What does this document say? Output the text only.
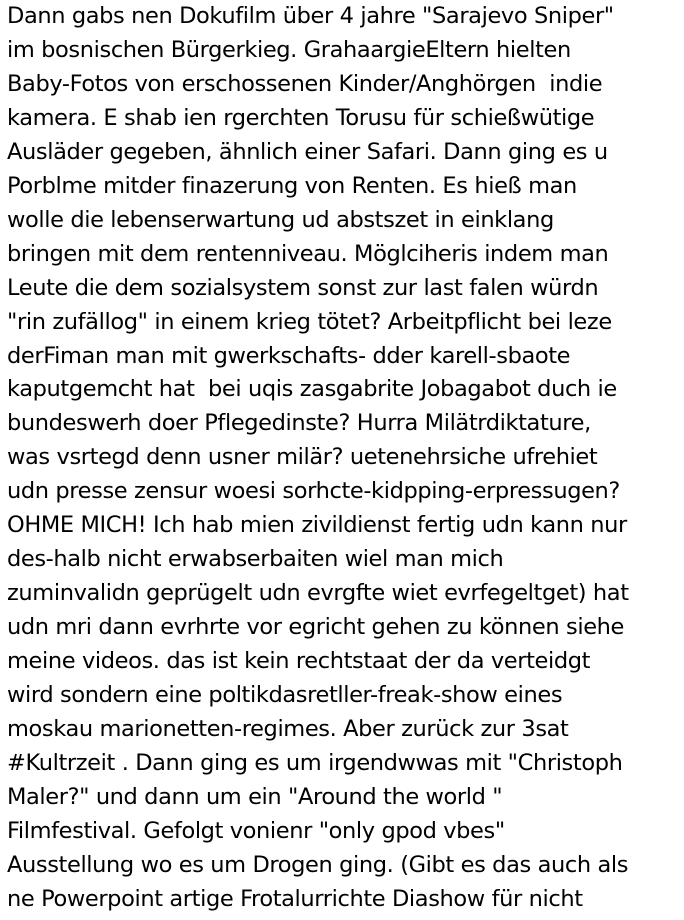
Dann gabs nen Dokufilm über 4 jahre "Sarajevo Sniper"
im bosnischen Bürgerkieg. GrahaargieEltern hielten
Baby-Fotos von erschossenen Kinder/Anghörgen  indie
kamera. E shab ien rgerchten Torusu für schießwütige
Ausläder gegeben, ähnlich einer Safari. Dann ging es u
Porblme mitder finazerung von Renten. Es hieß man
wolle die lebenserwartung ud abstszet in einklang
bringen mit dem rentenniveau. Möglciheris indem man
Leute die dem sozialsystem sonst zur last falen würdn
"rin zufällog" in einem krieg tötet? Arbeitpflicht bei leze
derFiman man mit gwerkschafts- dder karell-sbaote
kaputgemcht hat  bei uqis zasgabrite Jobagabot duch ie
bundeswerh doer Pflegedinste? Hurra Milätrdiktature,
was vsrtegd denn usner milär? uetenehrsiche ufrehiet
udn presse zensur woesi sorhcte-kidpping-erpressugen?
OHME MICH! Ich hab mien zivildienst fertig udn kann nur
des-halb nicht erwabserbaiten wiel man mich
zuminvalidn geprügelt udn evrgfte wiet evrfegeltget) hat
udn mri dann evrhrte vor egricht gehen zu können siehe
meine videos. das ist kein rechtstaat der da verteidgt
wird sondern eine poltikdasretller-freak-show eines
moskau marionetten-regimes. Aber zurück zur 3sat
#Kultrzeit . Dann ging es um irgendwwas mit "Christoph
Maler?" und dann um ein "Around the world "
Filmfestival. Gefolgt vonienr "only gpod vbes"
Ausstellung wo es um Drogen ging. (Gibt es das auch als
ne Powerpoint artige Frotalurrichte Diashow für nicht
